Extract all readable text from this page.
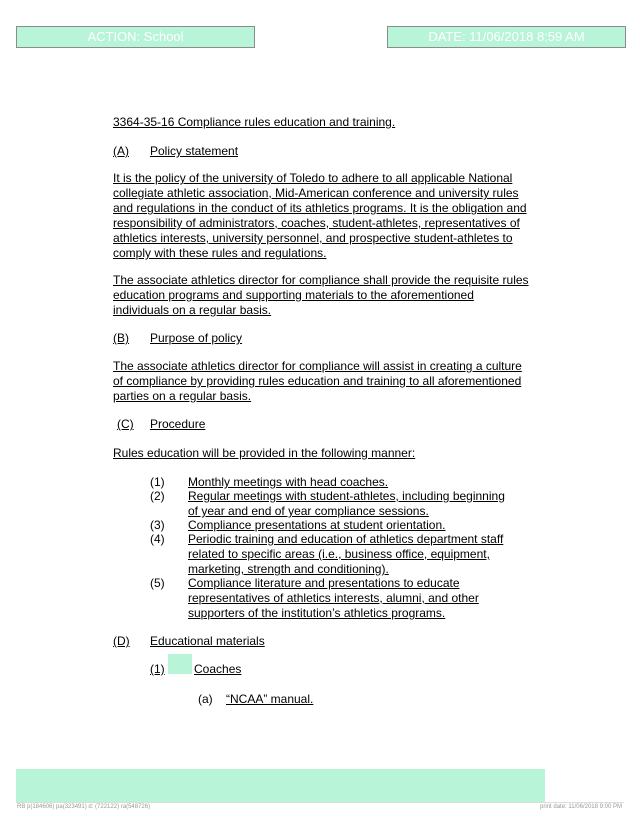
ACTION: School	DATE: 11/06/2018 8:59 AM
3364-35-16 Compliance rules education and training.
(A) Policy statement
It is the policy of the university of Toledo to adhere to all applicable National collegiate athletic association, Mid-American conference and university rules and regulations in the conduct of its athletics programs. It is the obligation and responsibility of administrators, coaches, student-athletes, representatives of athletics interests, university personnel, and prospective student-athletes to comply with these rules and regulations.
The associate athletics director for compliance shall provide the requisite rules education programs and supporting materials to the aforementioned individuals on a regular basis.
(B) Purpose of policy
The associate athletics director for compliance will assist in creating a culture of compliance by providing rules education and training to all aforementioned parties on a regular basis.
(C) Procedure
Rules education will be provided in the following manner:
(1) Monthly meetings with head coaches.
(2) Regular meetings with student-athletes, including beginning of year and end of year compliance sessions.
(3) Compliance presentations at student orientation.
(4) Periodic training and education of athletics department staff related to specific areas (i.e., business office, equipment, marketing, strength and conditioning).
(5) Compliance literature and presentations to educate representatives of athletics interests, alumni, and other supporters of the institution’s athletics programs.
(D) Educational materials
(1) Coaches
(a) “NCAA” manual.
RB p(184606) pa(323491) d: (722122) ra(548726)	print date: 11/06/2018 9:00 PM
